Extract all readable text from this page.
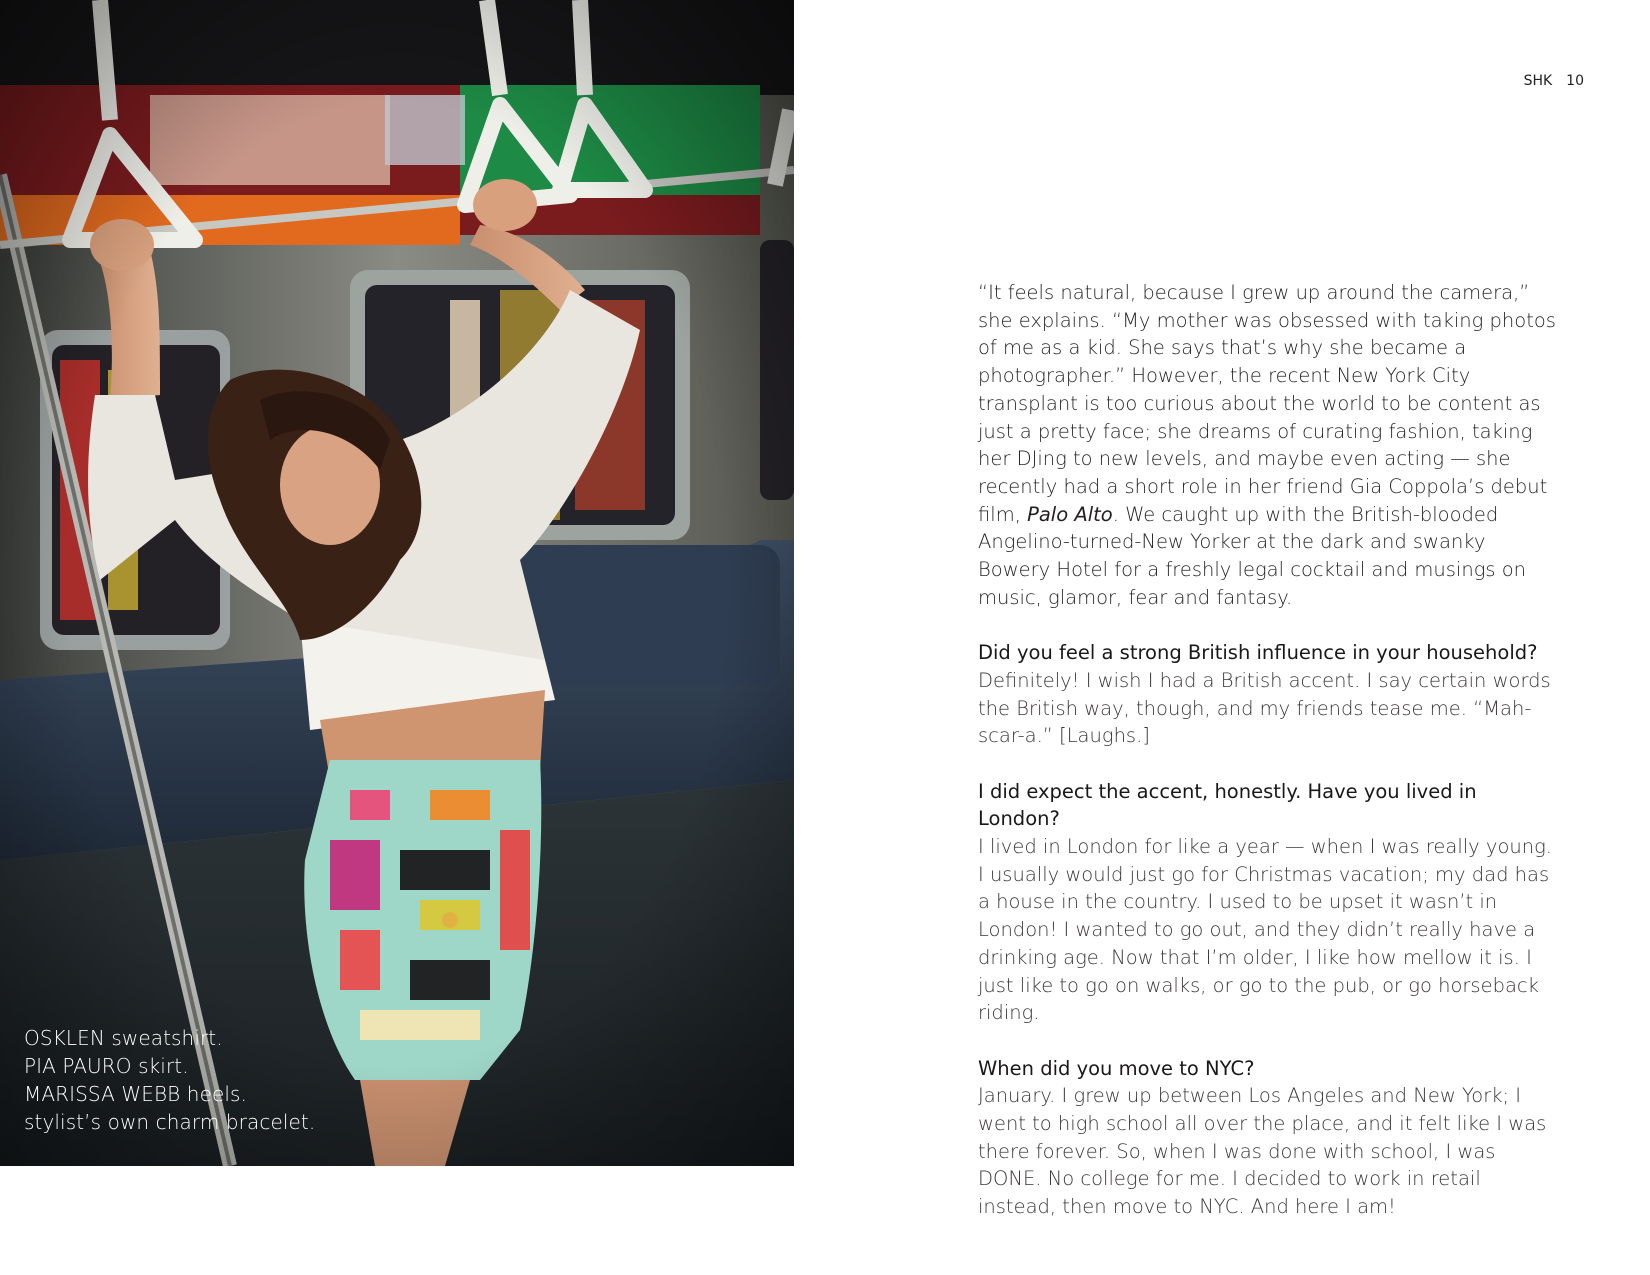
OSKLEN sweatshirt.
PIA PAURO skirt.
MARISSA WEBB heels.
stylist’s own charm bracelet.
SHK 10

“It feels natural, because I grew up around the camera,” she explains. “My mother was obsessed with taking photos of me as a kid. She says that’s why she became a photographer.” However, the recent New York City transplant is too curious about the world to be content as just a pretty face; she dreams of curating fashion, taking her DJing to new levels, and maybe even acting — she recently had a short role in her friend Gia Coppola’s debut film, Palo Alto. We caught up with the British-blooded Angelino-turned-New Yorker at the dark and swanky Bowery Hotel for a freshly legal cocktail and musings on music, glamor, fear and fantasy.

Did you feel a strong British influence in your household?
Definitely! I wish I had a British accent. I say certain words the British way, though, and my friends tease me. “Mah-scar-a.” [Laughs.]
I did expect the accent, honestly. Have you lived in London?
I lived in London for like a year — when I was really young. I usually would just go for Christmas vacation; my dad has a house in the country. I used to be upset it wasn’t in London! I wanted to go out, and they didn’t really have a drinking age. Now that I’m older, I like how mellow it is. I just like to go on walks, or go to the pub, or go horseback riding.
When did you move to NYC?
January. I grew up between Los Angeles and New York; I went to high school all over the place, and it felt like I was there forever. So, when I was done with school, I was DONE. No college for me. I decided to work in retail instead, then move to NYC. And here I am!
